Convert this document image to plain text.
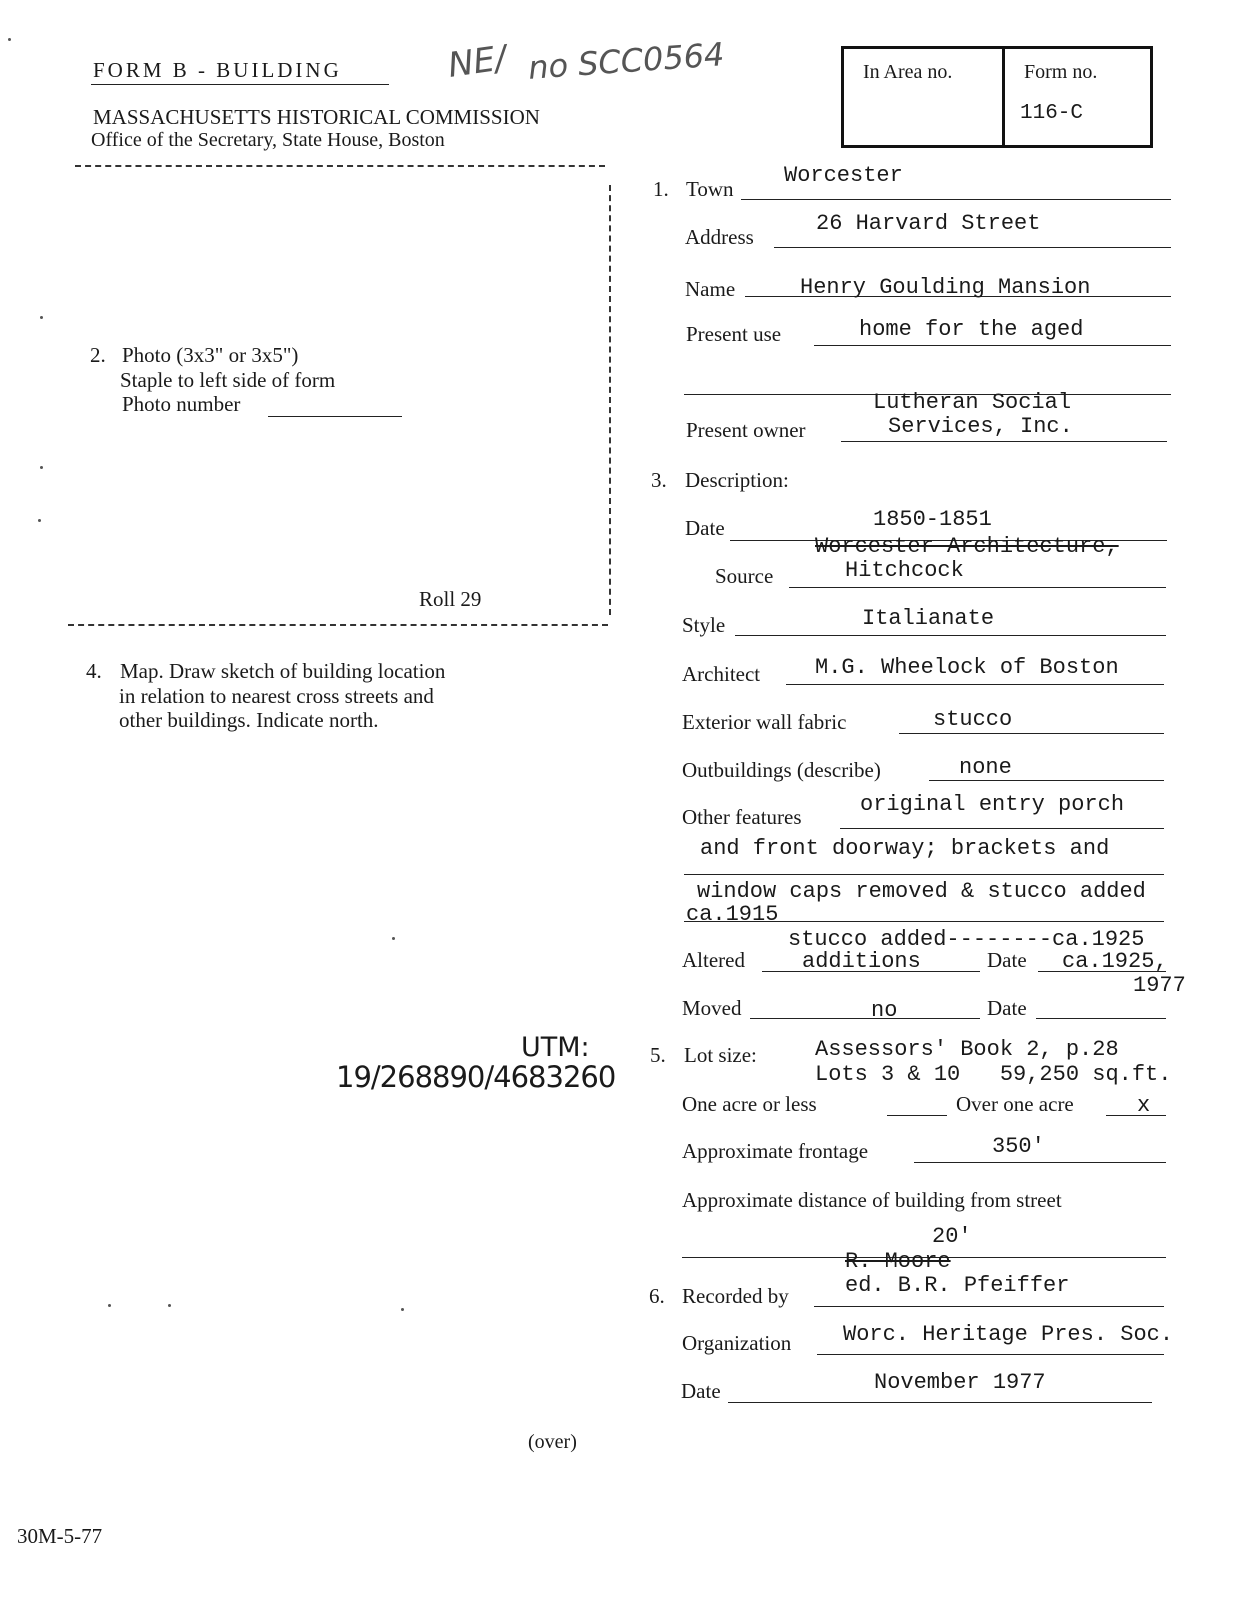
FORM B - BUILDING	NE/ no SCC0564
MASSACHUSETTS HISTORICAL COMMISSION
Office of the Secretary, State House, Boston
In Area no.	Form no.
116-C
2. Photo (3x3" or 3x5")
Staple to left side of form
Photo number
Roll 29
4. Map. Draw sketch of building location
in relation to nearest cross streets and
other buildings. Indicate north.
UTM:
19/268890/4683260
1. Town
Worcester
Address
26 Harvard Street
Name	Henry Goulding Mansion
Present use	home for the aged
Lutheran Social
Present owner	Services, Inc.
3. Description:
Date	1850-1851
Worcester Architecture,
Source	Hitchcock
Style	Italianate
Architect M.G. Wheelock of Boston
Exterior wall fabric	stucco
Outbuildings (describe)	none
Other features	original entry porch
and front doorway; brackets and
window caps removed & stucco added
ca.1915
stucco added--------ca.1925
Altered	additions	Date ca.1925,
1977
Moved	no	Date
5. Lot size:	Assessors' Book 2, p.28
Lots 3 & 10   59,250 sq.ft.
One acre or less	Over one acre	x
Approximate frontage	350'
Approximate distance of building from street
20'
R. Moore
6. Recorded by	ed. B.R. Pfeiffer
Organization Worc. Heritage Pres. Soc.
Date	November 1977
(over)
30M-5-77
